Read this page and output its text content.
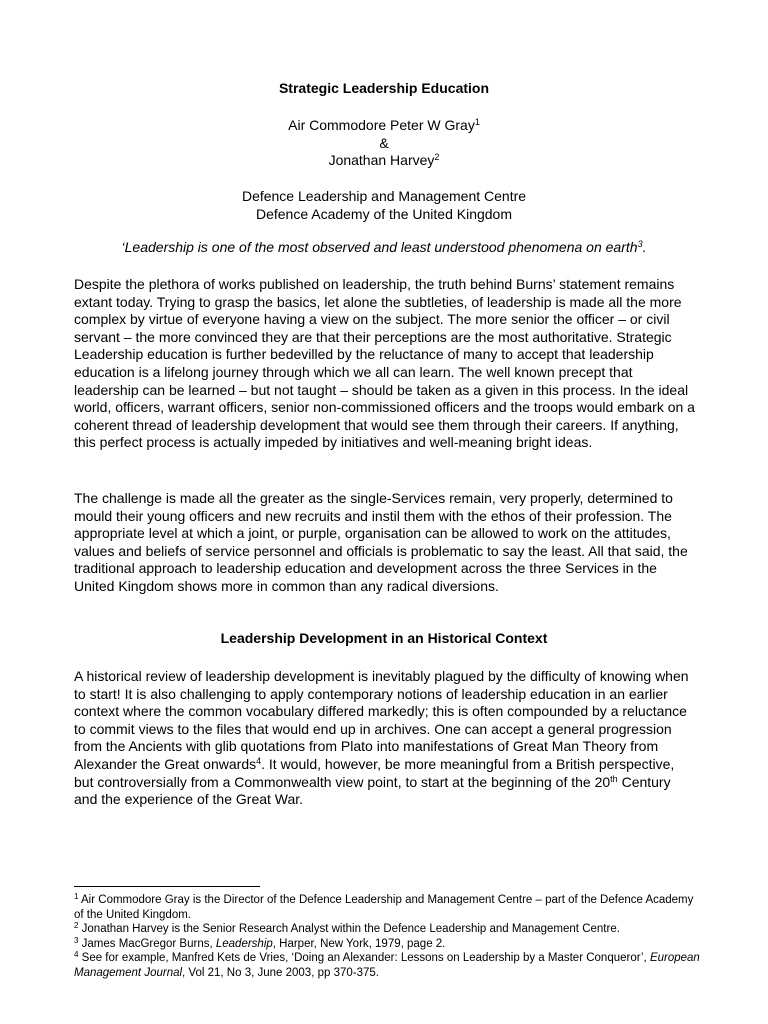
Strategic Leadership Education
Air Commodore Peter W Gray$^1$
&
Jonathan Harvey$^2$
Defence Leadership and Management Centre
Defence Academy of the United Kingdom
‘Leadership is one of the most observed and least understood phenomena on earth$^3$.

Despite the plethora of works published on leadership, the truth behind Burns’ statement remains extant today. Trying to grasp the basics, let alone the subtleties, of leadership is made all the more complex by virtue of everyone having a view on the subject. The more senior the officer – or civil servant – the more convinced they are that their perceptions are the most authoritative. Strategic Leadership education is further bedevilled by the reluctance of many to accept that leadership education is a lifelong journey through which we all can learn. The well known precept that leadership can be learned – but not taught – should be taken as a given in this process. In the ideal world, officers, warrant officers, senior non-commissioned officers and the troops would embark on a coherent thread of leadership development that would see them through their careers. If anything, this perfect process is actually impeded by initiatives and well-meaning bright ideas.

The challenge is made all the greater as the single-Services remain, very properly, determined to mould their young officers and new recruits and instil them with the ethos of their profession. The appropriate level at which a joint, or purple, organisation can be allowed to work on the attitudes, values and beliefs of service personnel and officials is problematic to say the least. All that said, the traditional approach to leadership education and development across the three Services in the United Kingdom shows more in common than any radical diversions.

Leadership Development in an Historical Context

A historical review of leadership development is inevitably plagued by the difficulty of knowing when to start! It is also challenging to apply contemporary notions of leadership education in an earlier context where the common vocabulary differed markedly; this is often compounded by a reluctance to commit views to the files that would end up in archives. One can accept a general progression from the Ancients with glib quotations from Plato into manifestations of Great Man Theory from Alexander the Great onwards$^4$. It would, however, be more meaningful from a British perspective, but controversially from a Commonwealth view point, to start at the beginning of the 20th Century and the experience of the Great War.

$^1$ Air Commodore Gray is the Director of the Defence Leadership and Management Centre – part of the Defence Academy of the United Kingdom.

$^2$ Jonathan Harvey is the Senior Research Analyst within the Defence Leadership and Management Centre.

$^3$ James MacGregor Burns, Leadership, Harper, New York, 1979, page 2.

$^4$ See for example, Manfred Kets de Vries, ‘Doing an Alexander: Lessons on Leadership by a Master Conqueror’, European Management Journal, Vol 21, No 3, June 2003, pp 370-375.
